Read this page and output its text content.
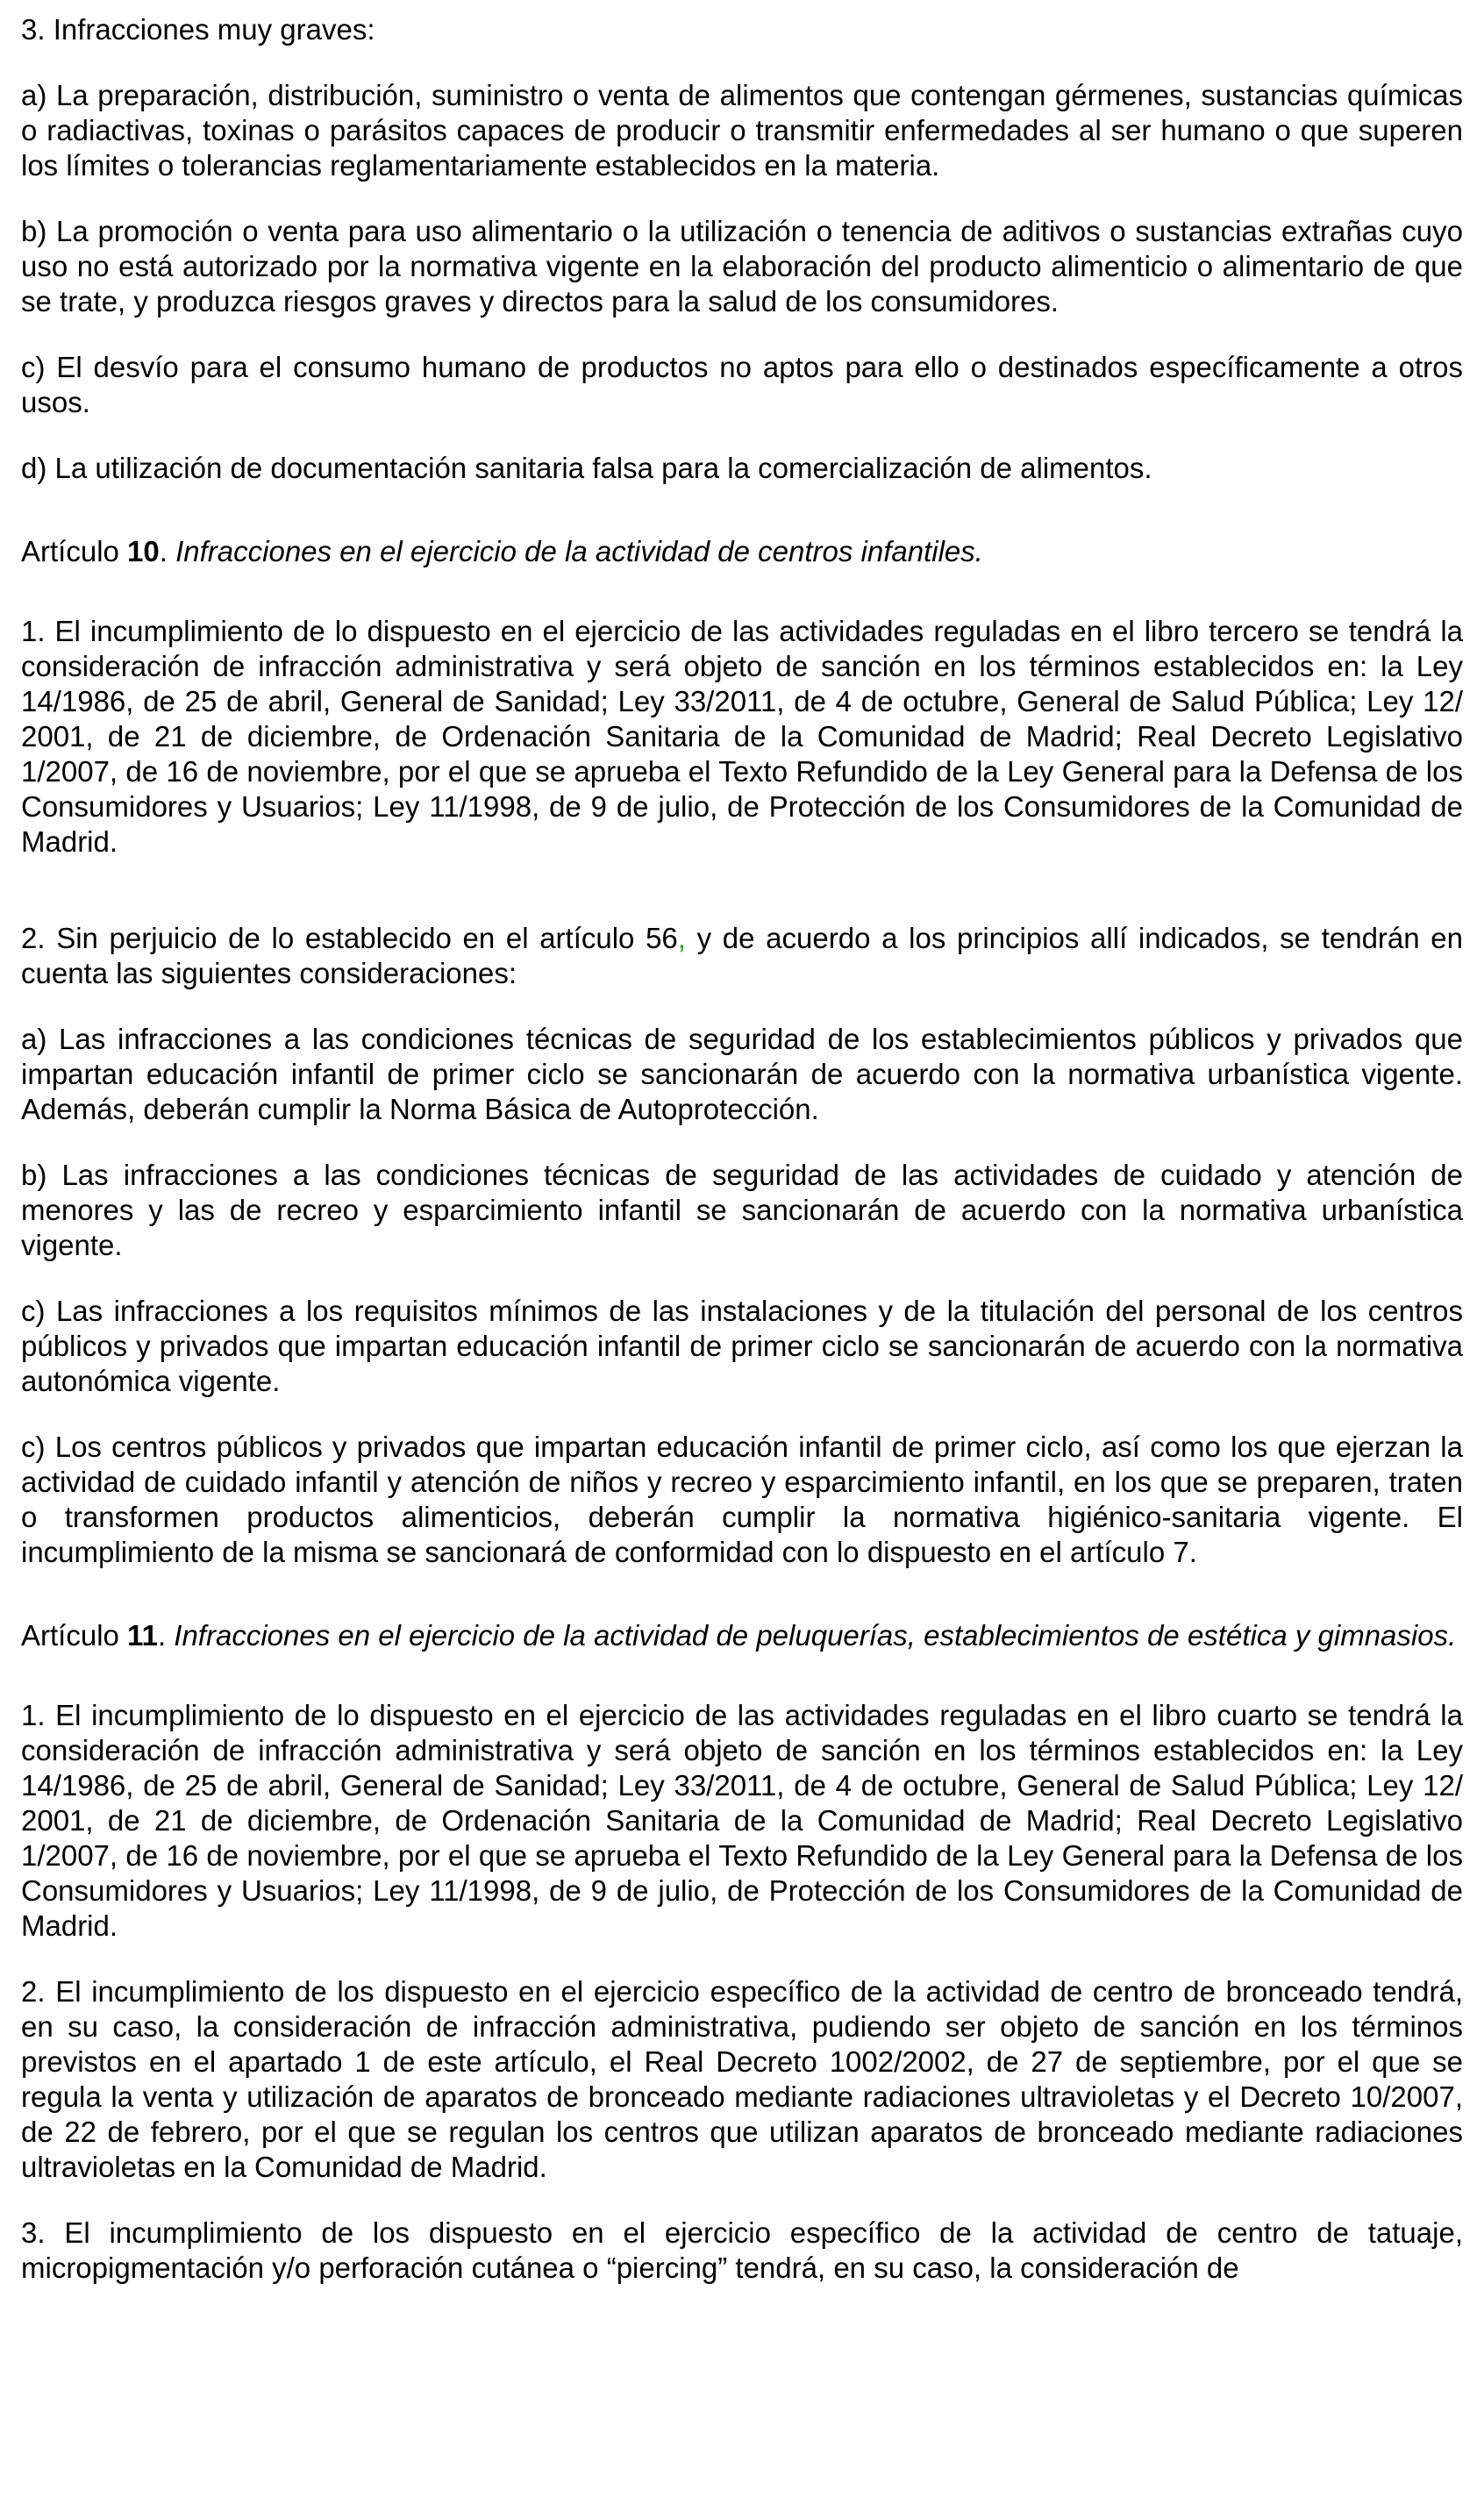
3. Infracciones muy graves:

a) La preparación, distribución, suministro o venta de alimentos que contengan gérmenes, sustancias químicas o radiactivas, toxinas o parásitos capaces de producir o transmitir enfermedades al ser humano o que superen los límites o tolerancias reglamentariamente establecidos en la materia.

b) La promoción o venta para uso alimentario o la utilización o tenencia de aditivos o sustancias extrañas cuyo uso no está autorizado por la normativa vigente en la elaboración del producto alimenticio o alimentario de que se trate, y produzca riesgos graves y directos para la salud de los consumidores.

c) El desvío para el consumo humano de productos no aptos para ello o destinados específicamente a otros usos.

d) La utilización de documentación sanitaria falsa para la comercialización de alimentos.

Artículo 10. Infracciones en el ejercicio de la actividad de centros infantiles.

1. El incumplimiento de lo dispuesto en el ejercicio de las actividades reguladas en el libro tercero se tendrá la consideración de infracción administrativa y será objeto de sanción en los términos establecidos en: la Ley 14/1986, de 25 de abril, General de Sanidad; Ley 33/2011, de 4 de octubre, General de Salud Pública; Ley 12/ 2001, de 21 de diciembre, de Ordenación Sanitaria de la Comunidad de Madrid; Real Decreto Legislativo 1/2007, de 16 de noviembre, por el que se aprueba el Texto Refundido de la Ley General para la Defensa de los Consumidores y Usuarios; Ley 11/1998, de 9 de julio, de Protección de los Consumidores de la Comunidad de Madrid.

2. Sin perjuicio de lo establecido en el artículo 56, y de acuerdo a los principios allí indicados, se tendrán en cuenta las siguientes consideraciones:

a) Las infracciones a las condiciones técnicas de seguridad de los establecimientos públicos y privados que impartan educación infantil de primer ciclo se sancionarán de acuerdo con la normativa urbanística vigente. Además, deberán cumplir la Norma Básica de Autoprotección.

b) Las infracciones a las condiciones técnicas de seguridad de las actividades de cuidado y atención de menores y las de recreo y esparcimiento infantil se sancionarán de acuerdo con la normativa urbanística vigente.

c) Las infracciones a los requisitos mínimos de las instalaciones y de la titulación del personal de los centros públicos y privados que impartan educación infantil de primer ciclo se sancionarán de acuerdo con la normativa autonómica vigente.

c) Los centros públicos y privados que impartan educación infantil de primer ciclo, así como los que ejerzan la actividad de cuidado infantil y atención de niños y recreo y esparcimiento infantil, en los que se preparen, traten o transformen productos alimenticios, deberán cumplir la normativa higiénico-sanitaria vigente. El incumplimiento de la misma se sancionará de conformidad con lo dispuesto en el artículo 7.

Artículo 11. Infracciones en el ejercicio de la actividad de peluquerías, establecimientos de estética y gimnasios.

1. El incumplimiento de lo dispuesto en el ejercicio de las actividades reguladas en el libro cuarto se tendrá la consideración de infracción administrativa y será objeto de sanción en los términos establecidos en: la Ley 14/1986, de 25 de abril, General de Sanidad; Ley 33/2011, de 4 de octubre, General de Salud Pública; Ley 12/ 2001, de 21 de diciembre, de Ordenación Sanitaria de la Comunidad de Madrid; Real Decreto Legislativo 1/2007, de 16 de noviembre, por el que se aprueba el Texto Refundido de la Ley General para la Defensa de los Consumidores y Usuarios; Ley 11/1998, de 9 de julio, de Protección de los Consumidores de la Comunidad de Madrid.

2. El incumplimiento de los dispuesto en el ejercicio específico de la actividad de centro de bronceado tendrá, en su caso, la consideración de infracción administrativa, pudiendo ser objeto de sanción en los términos previstos en el apartado 1 de este artículo, el Real Decreto 1002/2002, de 27 de septiembre, por el que se regula la venta y utilización de aparatos de bronceado mediante radiaciones ultravioletas y el Decreto 10/2007, de 22 de febrero, por el que se regulan los centros que utilizan aparatos de bronceado mediante radiaciones ultravioletas en la Comunidad de Madrid.

3. El incumplimiento de los dispuesto en el ejercicio específico de la actividad de centro de tatuaje, micropigmentación y/o perforación cutánea o “piercing” tendrá, en su caso, la consideración de
